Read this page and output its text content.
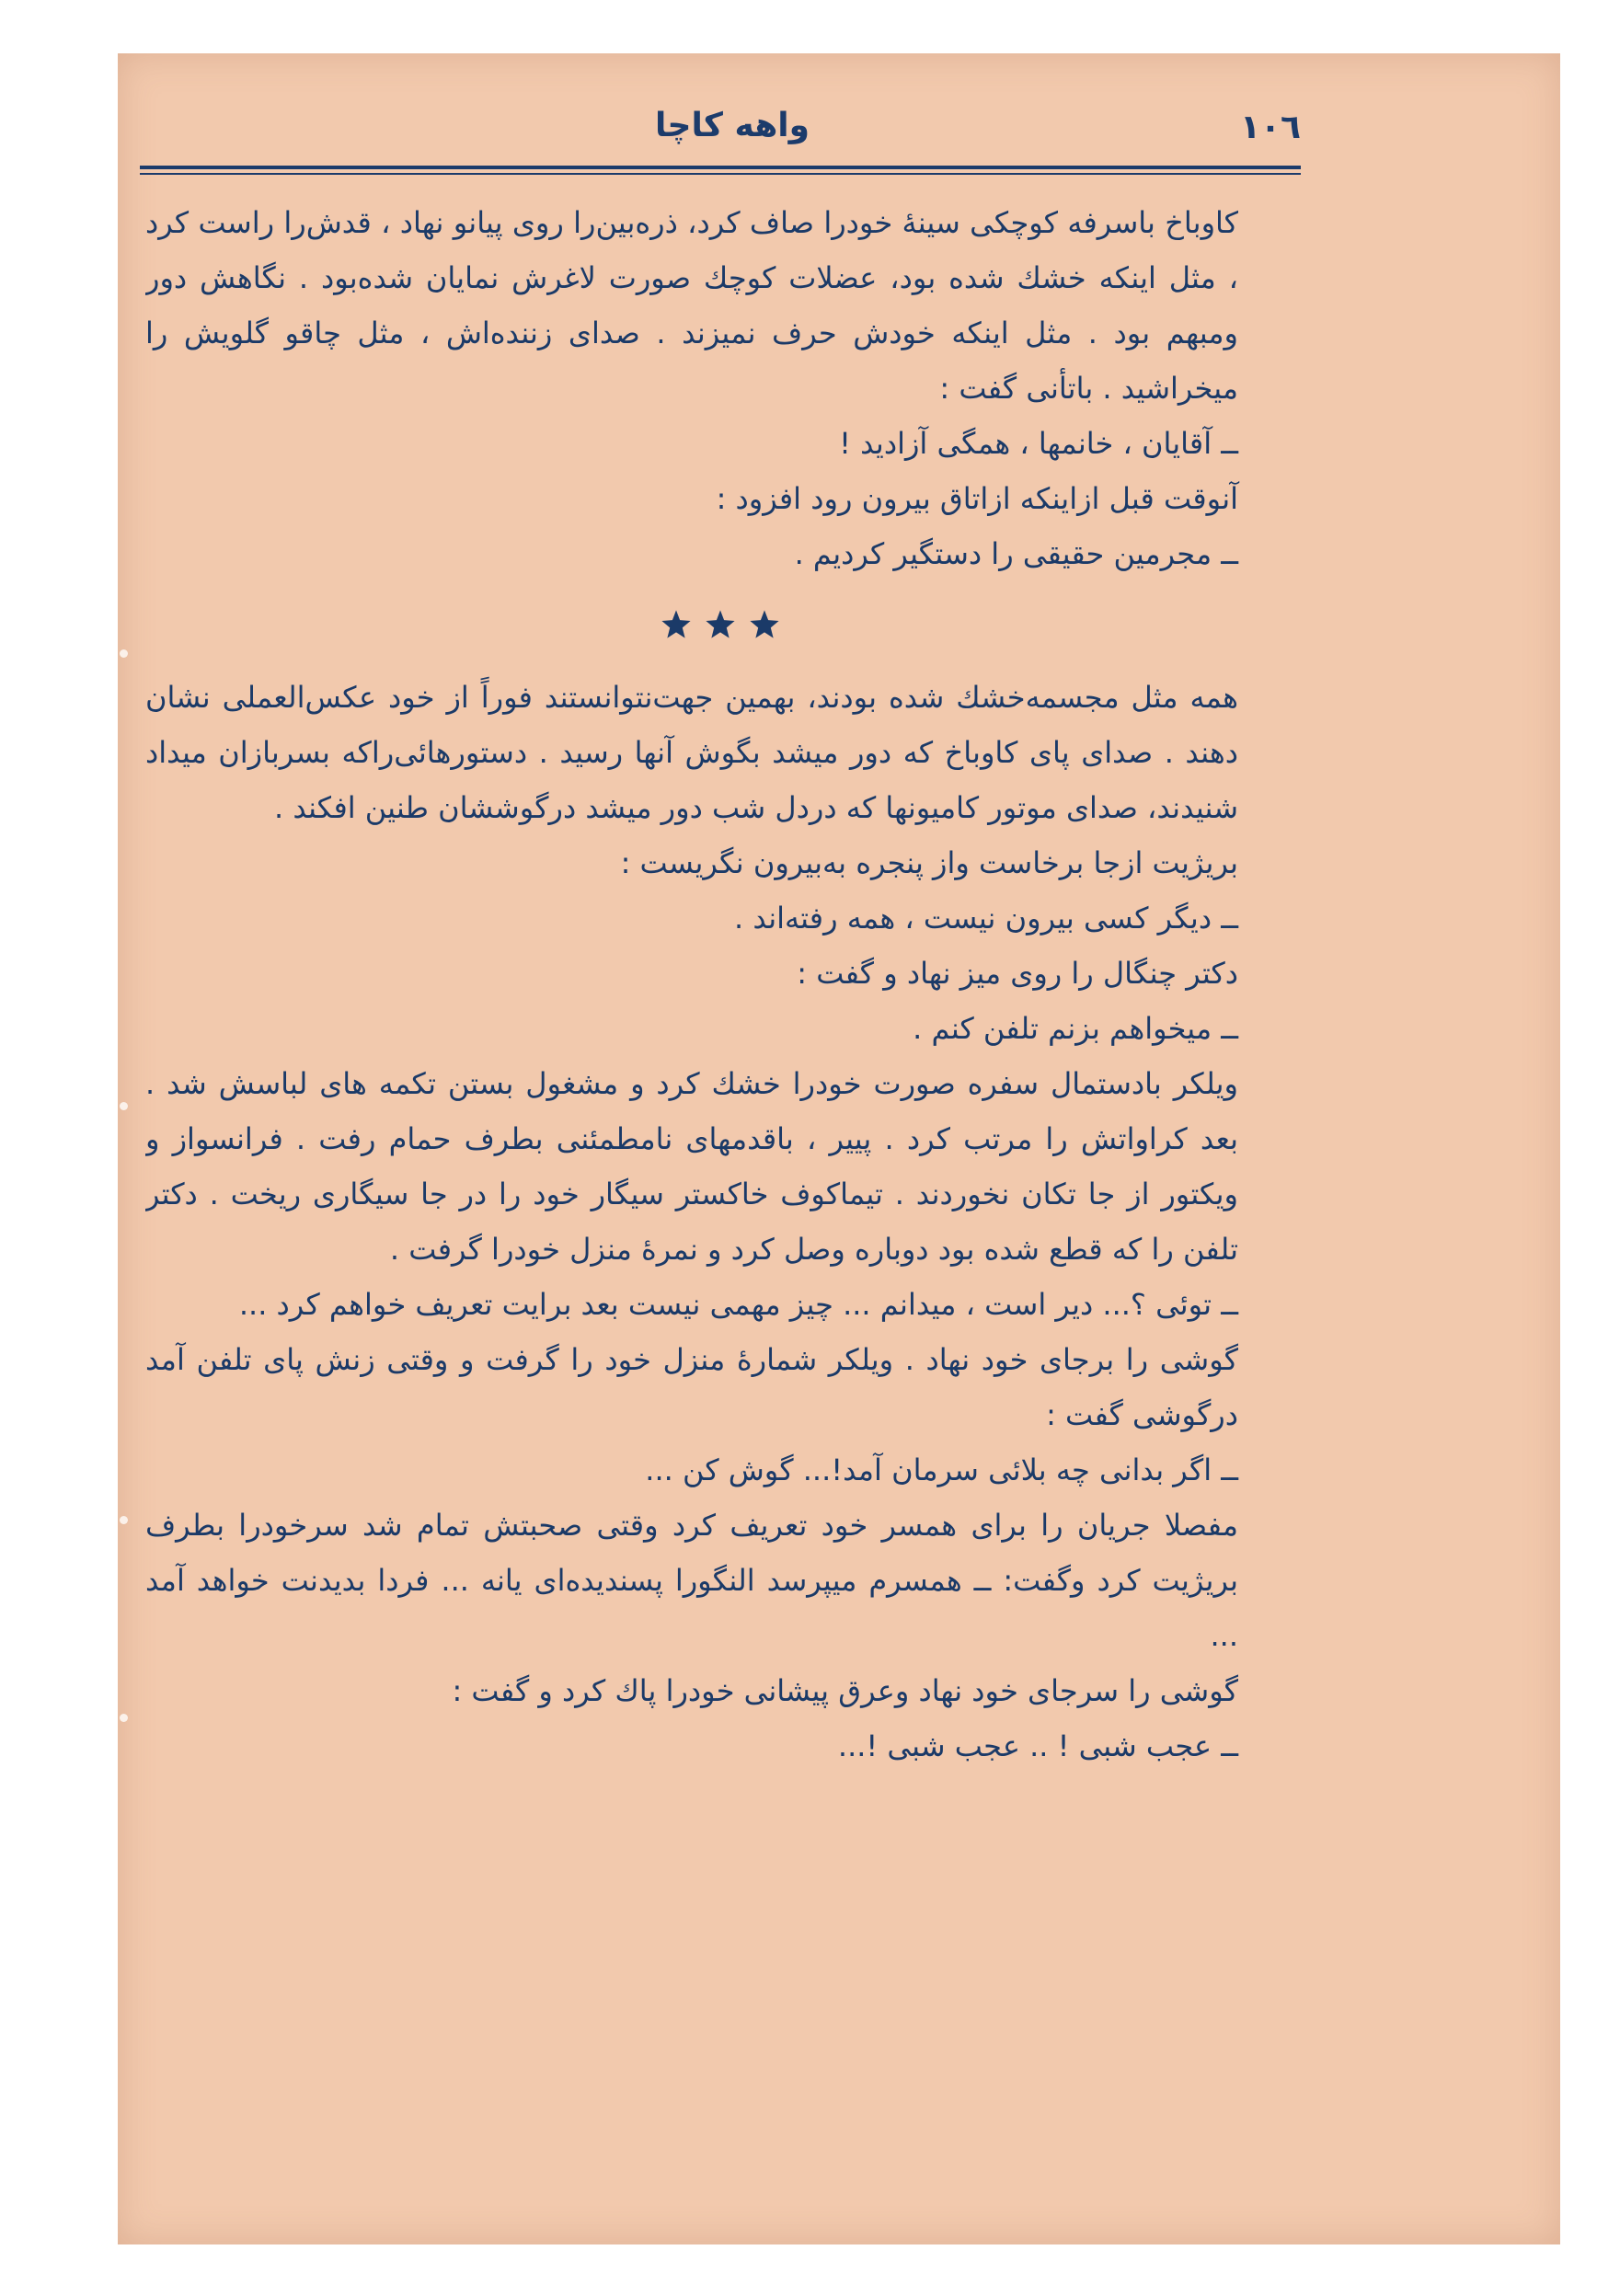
١٠٦
واهه کاچا

کاوباخ باسرفه کوچکی سینهٔ خودرا صاف کرد، ذره‌بین‌را روی پیانو نهاد ، قدش‌را راست کرد ، مثل اینکه خشك شده بود، عضلات کوچك صورت لاغرش نمایان شده‌بود . نگاهش دور ومبهم بود . مثل اینکه خودش حرف نمیزند . صدای زننده‌اش ، مثل چاقو گلویش را میخراشید . باتأنی گفت :

ــ آقایان ، خانمها ، همگی آزادید !

آنوقت قبل ازاینکه ازاتاق بیرون رود افزود :

ــ مجرمین حقیقی را دستگیر کردیم .

همه مثل مجسمه‌خشك شده بودند، بهمین جهت‌نتوانستند فوراً از خود عکس‌العملی نشان دهند . صدای پای کاوباخ که دور میشد بگوش آنها رسید . دستورهائی‌راکه بسربازان میداد شنیدند، صدای موتور کامیونها که دردل شب دور میشد درگوششان طنین افکند .

بریژیت ازجا برخاست واز پنجره به‌بیرون نگریست :

ــ دیگر کسی بیرون نیست ، همه رفته‌اند .

دکتر چنگال را روی میز نهاد و گفت :

ــ میخواهم بزنم تلفن کنم .

ویلکر بادستمال سفره صورت خودرا خشك کرد و مشغول بستن تکمه های لباسش شد . بعد کراواتش را مرتب کرد . پییر ، باقدمهای نامطمئنی بطرف حمام رفت . فرانسواز و ویکتور از جا تکان نخوردند . تیماکوف خاکستر سیگار خود را در جا سیگاری ریخت . دکتر تلفن را که قطع شده بود دوباره وصل کرد و نمرهٔ منزل خودرا گرفت .

ــ توئی ؟... دیر است ، میدانم ... چیز مهمی نیست بعد برایت تعریف خواهم کرد ...

گوشی را برجای خود نهاد . ویلکر شمارهٔ منزل خود را گرفت و وقتی زنش پای تلفن آمد درگوشی گفت :

ــ اگر بدانی چه بلائی سرمان آمد!... گوش کن ...

مفصلا جریان را برای همسر خود تعریف کرد وقتی صحبتش تمام شد سرخودرا بطرف بریژیت کرد وگفت: ــ همسرم میپرسد النگورا پسندیده‌ای یانه ... فردا بدیدنت خواهد آمد ...

گوشی را سرجای خود نهاد وعرق پیشانی خودرا پاك کرد و گفت :

ــ عجب شبی ! .. عجب شبی !...
